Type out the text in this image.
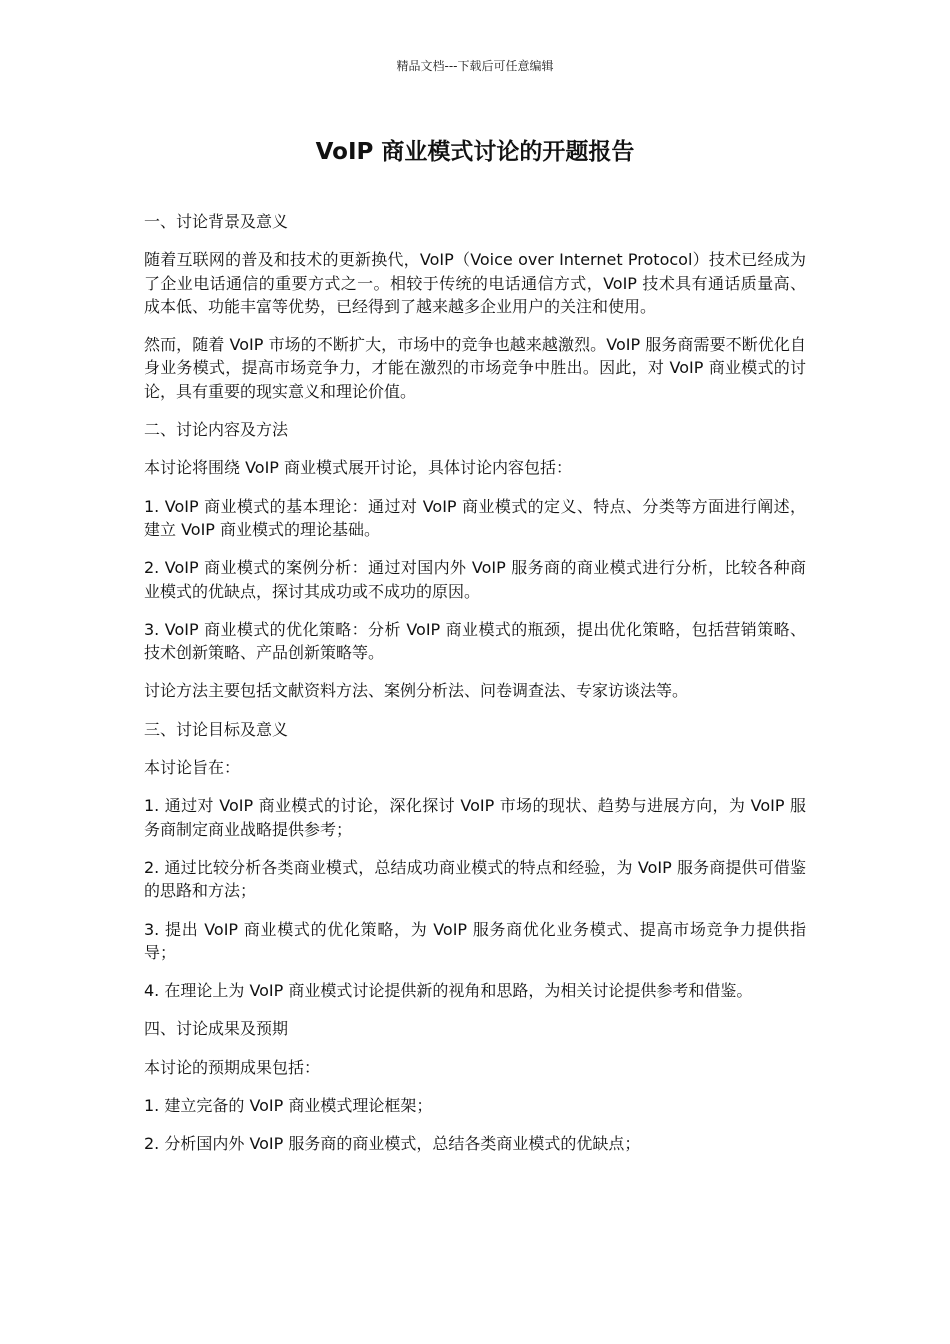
精品文档---下载后可任意编辑
VoIP 商业模式讨论的开题报告

一、讨论背景及意义

随着互联网的普及和技术的更新换代，VoIP（Voice over Internet Protocol）技术已经成为了企业电话通信的重要方式之一。相较于传统的电话通信方式，VoIP 技术具有通话质量高、成本低、功能丰富等优势，已经得到了越来越多企业用户的关注和使用。

然而，随着 VoIP 市场的不断扩大，市场中的竞争也越来越激烈。VoIP 服务商需要不断优化自身业务模式，提高市场竞争力，才能在激烈的市场竞争中胜出。因此，对 VoIP 商业模式的讨论，具有重要的现实意义和理论价值。

二、讨论内容及方法

本讨论将围绕 VoIP 商业模式展开讨论，具体讨论内容包括：

1. VoIP 商业模式的基本理论：通过对 VoIP 商业模式的定义、特点、分类等方面进行阐述，建立 VoIP 商业模式的理论基础。

2. VoIP 商业模式的案例分析：通过对国内外 VoIP 服务商的商业模式进行分析，比较各种商业模式的优缺点，探讨其成功或不成功的原因。

3. VoIP 商业模式的优化策略：分析 VoIP 商业模式的瓶颈，提出优化策略，包括营销策略、技术创新策略、产品创新策略等。

讨论方法主要包括文献资料方法、案例分析法、问卷调查法、专家访谈法等。

三、讨论目标及意义

本讨论旨在：

1. 通过对 VoIP 商业模式的讨论，深化探讨 VoIP 市场的现状、趋势与进展方向，为 VoIP 服务商制定商业战略提供参考；

2. 通过比较分析各类商业模式，总结成功商业模式的特点和经验，为 VoIP 服务商提供可借鉴的思路和方法；

3. 提出 VoIP 商业模式的优化策略，为 VoIP 服务商优化业务模式、提高市场竞争力提供指导；

4. 在理论上为 VoIP 商业模式讨论提供新的视角和思路，为相关讨论提供参考和借鉴。

四、讨论成果及预期

本讨论的预期成果包括：

1. 建立完备的 VoIP 商业模式理论框架；

2. 分析国内外 VoIP 服务商的商业模式，总结各类商业模式的优缺点；
